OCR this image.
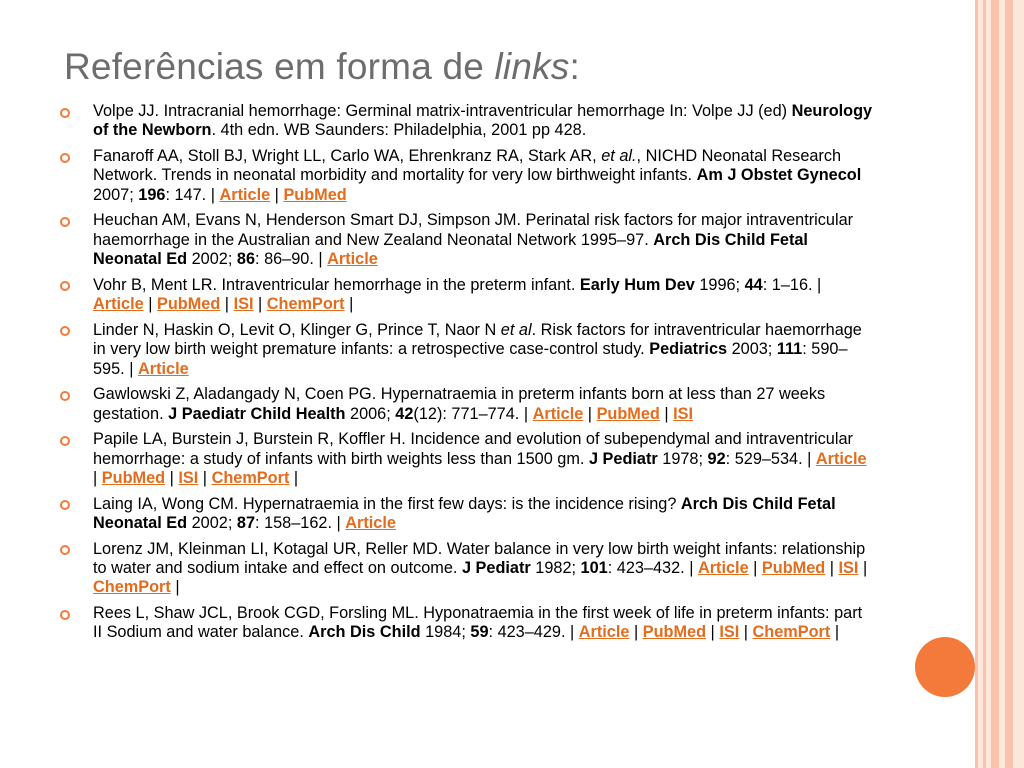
Referências em forma de links:
Volpe JJ. Intracranial hemorrhage: Germinal matrix-intraventricular hemorrhage In: Volpe JJ (ed) Neurology of the Newborn. 4th edn. WB Saunders: Philadelphia, 2001 pp 428.
Fanaroff AA, Stoll BJ, Wright LL, Carlo WA, Ehrenkranz RA, Stark AR, et al., NICHD Neonatal Research Network. Trends in neonatal morbidity and mortality for very low birthweight infants. Am J Obstet Gynecol 2007; 196: 147. | Article | PubMed
Heuchan AM, Evans N, Henderson Smart DJ, Simpson JM. Perinatal risk factors for major intraventricular haemorrhage in the Australian and New Zealand Neonatal Network 1995–97. Arch Dis Child Fetal Neonatal Ed 2002; 86: 86–90. | Article
Vohr B, Ment LR. Intraventricular hemorrhage in the preterm infant. Early Hum Dev 1996; 44: 1–16. | Article | PubMed | ISI | ChemPort |
Linder N, Haskin O, Levit O, Klinger G, Prince T, Naor N et al. Risk factors for intraventricular haemorrhage in very low birth weight premature infants: a retrospective case-control study. Pediatrics 2003; 111: 590–595. | Article
Gawlowski Z, Aladangady N, Coen PG. Hypernatraemia in preterm infants born at less than 27 weeks gestation. J Paediatr Child Health 2006; 42(12): 771–774. | Article | PubMed | ISI
Papile LA, Burstein J, Burstein R, Koffler H. Incidence and evolution of subependymal and intraventricular hemorrhage: a study of infants with birth weights less than 1500 gm. J Pediatr 1978; 92: 529–534. | Article | PubMed | ISI | ChemPort |
Laing IA, Wong CM. Hypernatraemia in the first few days: is the incidence rising? Arch Dis Child Fetal Neonatal Ed 2002; 87: 158–162. | Article
Lorenz JM, Kleinman LI, Kotagal UR, Reller MD. Water balance in very low birth weight infants: relationship to water and sodium intake and effect on outcome. J Pediatr 1982; 101: 423–432. | Article | PubMed | ISI | ChemPort |
Rees L, Shaw JCL, Brook CGD, Forsling ML. Hyponatraemia in the first week of life in preterm infants: part II Sodium and water balance. Arch Dis Child 1984; 59: 423–429. | Article | PubMed | ISI | ChemPort |
